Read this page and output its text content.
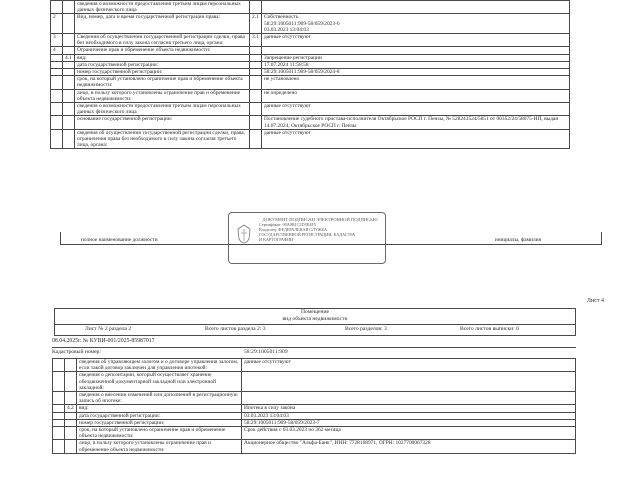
		сведения о возможности предоставления третьим лицам персональных данных физического лица		
2		Вид, номер, дата и время государственной регистрации права:	2.1	Собственность
58:29:1005011:909-58/059/2023-6
03.03.2023 13:04:03
3		Сведения об осуществлении государственной регистрации сделки, права без необходимого в силу закона согласия третьего лица, органа:	3.1	данные отсутствуют
4		Ограничение прав и обременение объекта недвижимости:		
	4.1	вид:		Запрещение регистрации
		дата государственной регистрации:		17.07.2024 11:58:58
		номер государственной регистрации:		58:29:1005011:909-58/059/2024-8
		срок, на который установлено ограничение прав и обременение объекта недвижимости:		не установлено
		лицо, в пользу которого установлены ограничение прав и обременение объекта недвижимости:		не определено
		сведения о возможности предоставления третьим лицам персональных данных физического лица		данные отсутствуют
		основание государственной регистрации:		Постановление судебного пристава-исполнителя Октябрьское РОСП г. Пензы, № 528243524/5851 от 00352/24/58075-ИП, выдан 14.07.2024, Октябрьское РОСП г. Пензы
		сведения об осуществлении государственной регистрации сделки, права, ограничения права без необходимого в силу закона согласия третьего лица, органа:		данные отсутствуют
ДОКУМЕНТ ПОДПИСАН ЭЛЕКТРОННОЙ ПОДПИСЬЮ
Сертификат: 00A0B1C2D3E4F5
Владелец: ФЕДЕРАЛЬНАЯ СЛУЖБА
ГОСУДАРСТВЕННОЙ РЕГИСТРАЦИИ, КАДАСТРА
И КАРТОГРАФИИ
полное наименование должности	инициалы, фамилия
Лист 4
Помещение
вид объекта недвижимости
Лист № 2 раздела 2	Всего листов раздела 2: 3	Всего разделов: 3	Всего листов выписки: 6
08.04.2025г. № КУВИ-001/2025-85987017
Кадастровый номер:	58:29:1005011:909
		сведения об управляющем залогом и о договоре управления залогом, если такой договор заключен для управления ипотекой:	данные отсутствуют
		сведения о депозитарии, который осуществляет хранение обездвиженной документарной закладной или электронной закладной:	
		сведения о внесении изменений или дополнений в регистрационную запись об ипотеке:	
	4.2	вид:	Ипотека в силу закона
		дата государственной регистрации:	03.03.2023 13:04:03
		номер государственной регистрации:	58:29:1005011:909-58/059/2023-7
		срок, на который установлено ограничение прав и обременение объекта недвижимости:	Срок действия с 03.03.2023 по 362 месяца
		лицо, в пользу которого установлены ограничение прав и обременение объекта недвижимости:	Акционерное общество "Альфа-Банк", ИНН: 7728168971, ОГРН: 1027700067328
